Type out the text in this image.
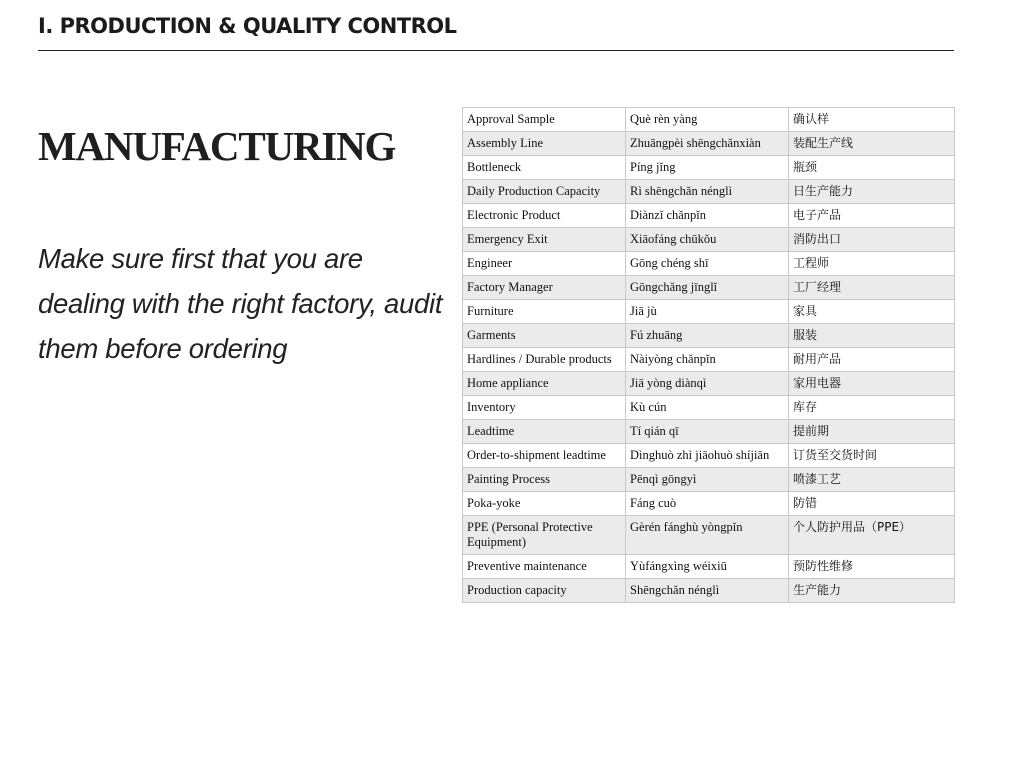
I. PRODUCTION & QUALITY CONTROL
MANUFACTURING
Make sure first that you are dealing with the right factory, audit them before ordering
Approval Sample	Què rèn yàng	确认样
Assembly Line	Zhuāngpèi shēngchǎnxiàn	装配生产线
Bottleneck	Píng jǐng	瓶颈
Daily Production Capacity	Rì shēngchǎn nénglì	日生产能力
Electronic Product	Diànzǐ chǎnpǐn	电子产品
Emergency Exit	Xiāofáng chūkǒu	消防出口
Engineer	Gōng chéng shī	工程师
Factory Manager	Gōngchǎng jīnglǐ	工厂经理
Furniture	Jiā jù	家具
Garments	Fú zhuāng	服装
Hardlines / Durable products	Nàiyòng chǎnpǐn	耐用产品
Home appliance	Jiā yòng diànqì	家用电器
Inventory	Kù cún	库存
Leadtime	Tí qián qī	提前期
Order-to-shipment leadtime	Dìnghuò zhì jiāohuò shíjiān	订货至交货时间
Painting Process	Pēnqì gōngyì	喷漆工艺
Poka-yoke	Fáng cuò	防错
PPE (Personal Protective Equipment)	Gèrén fánghù yòngpǐn	个人防护用品（PPE）
Preventive maintenance	Yùfángxìng wéixiū	预防性维修
Production capacity	Shēngchǎn nénglì	生产能力
